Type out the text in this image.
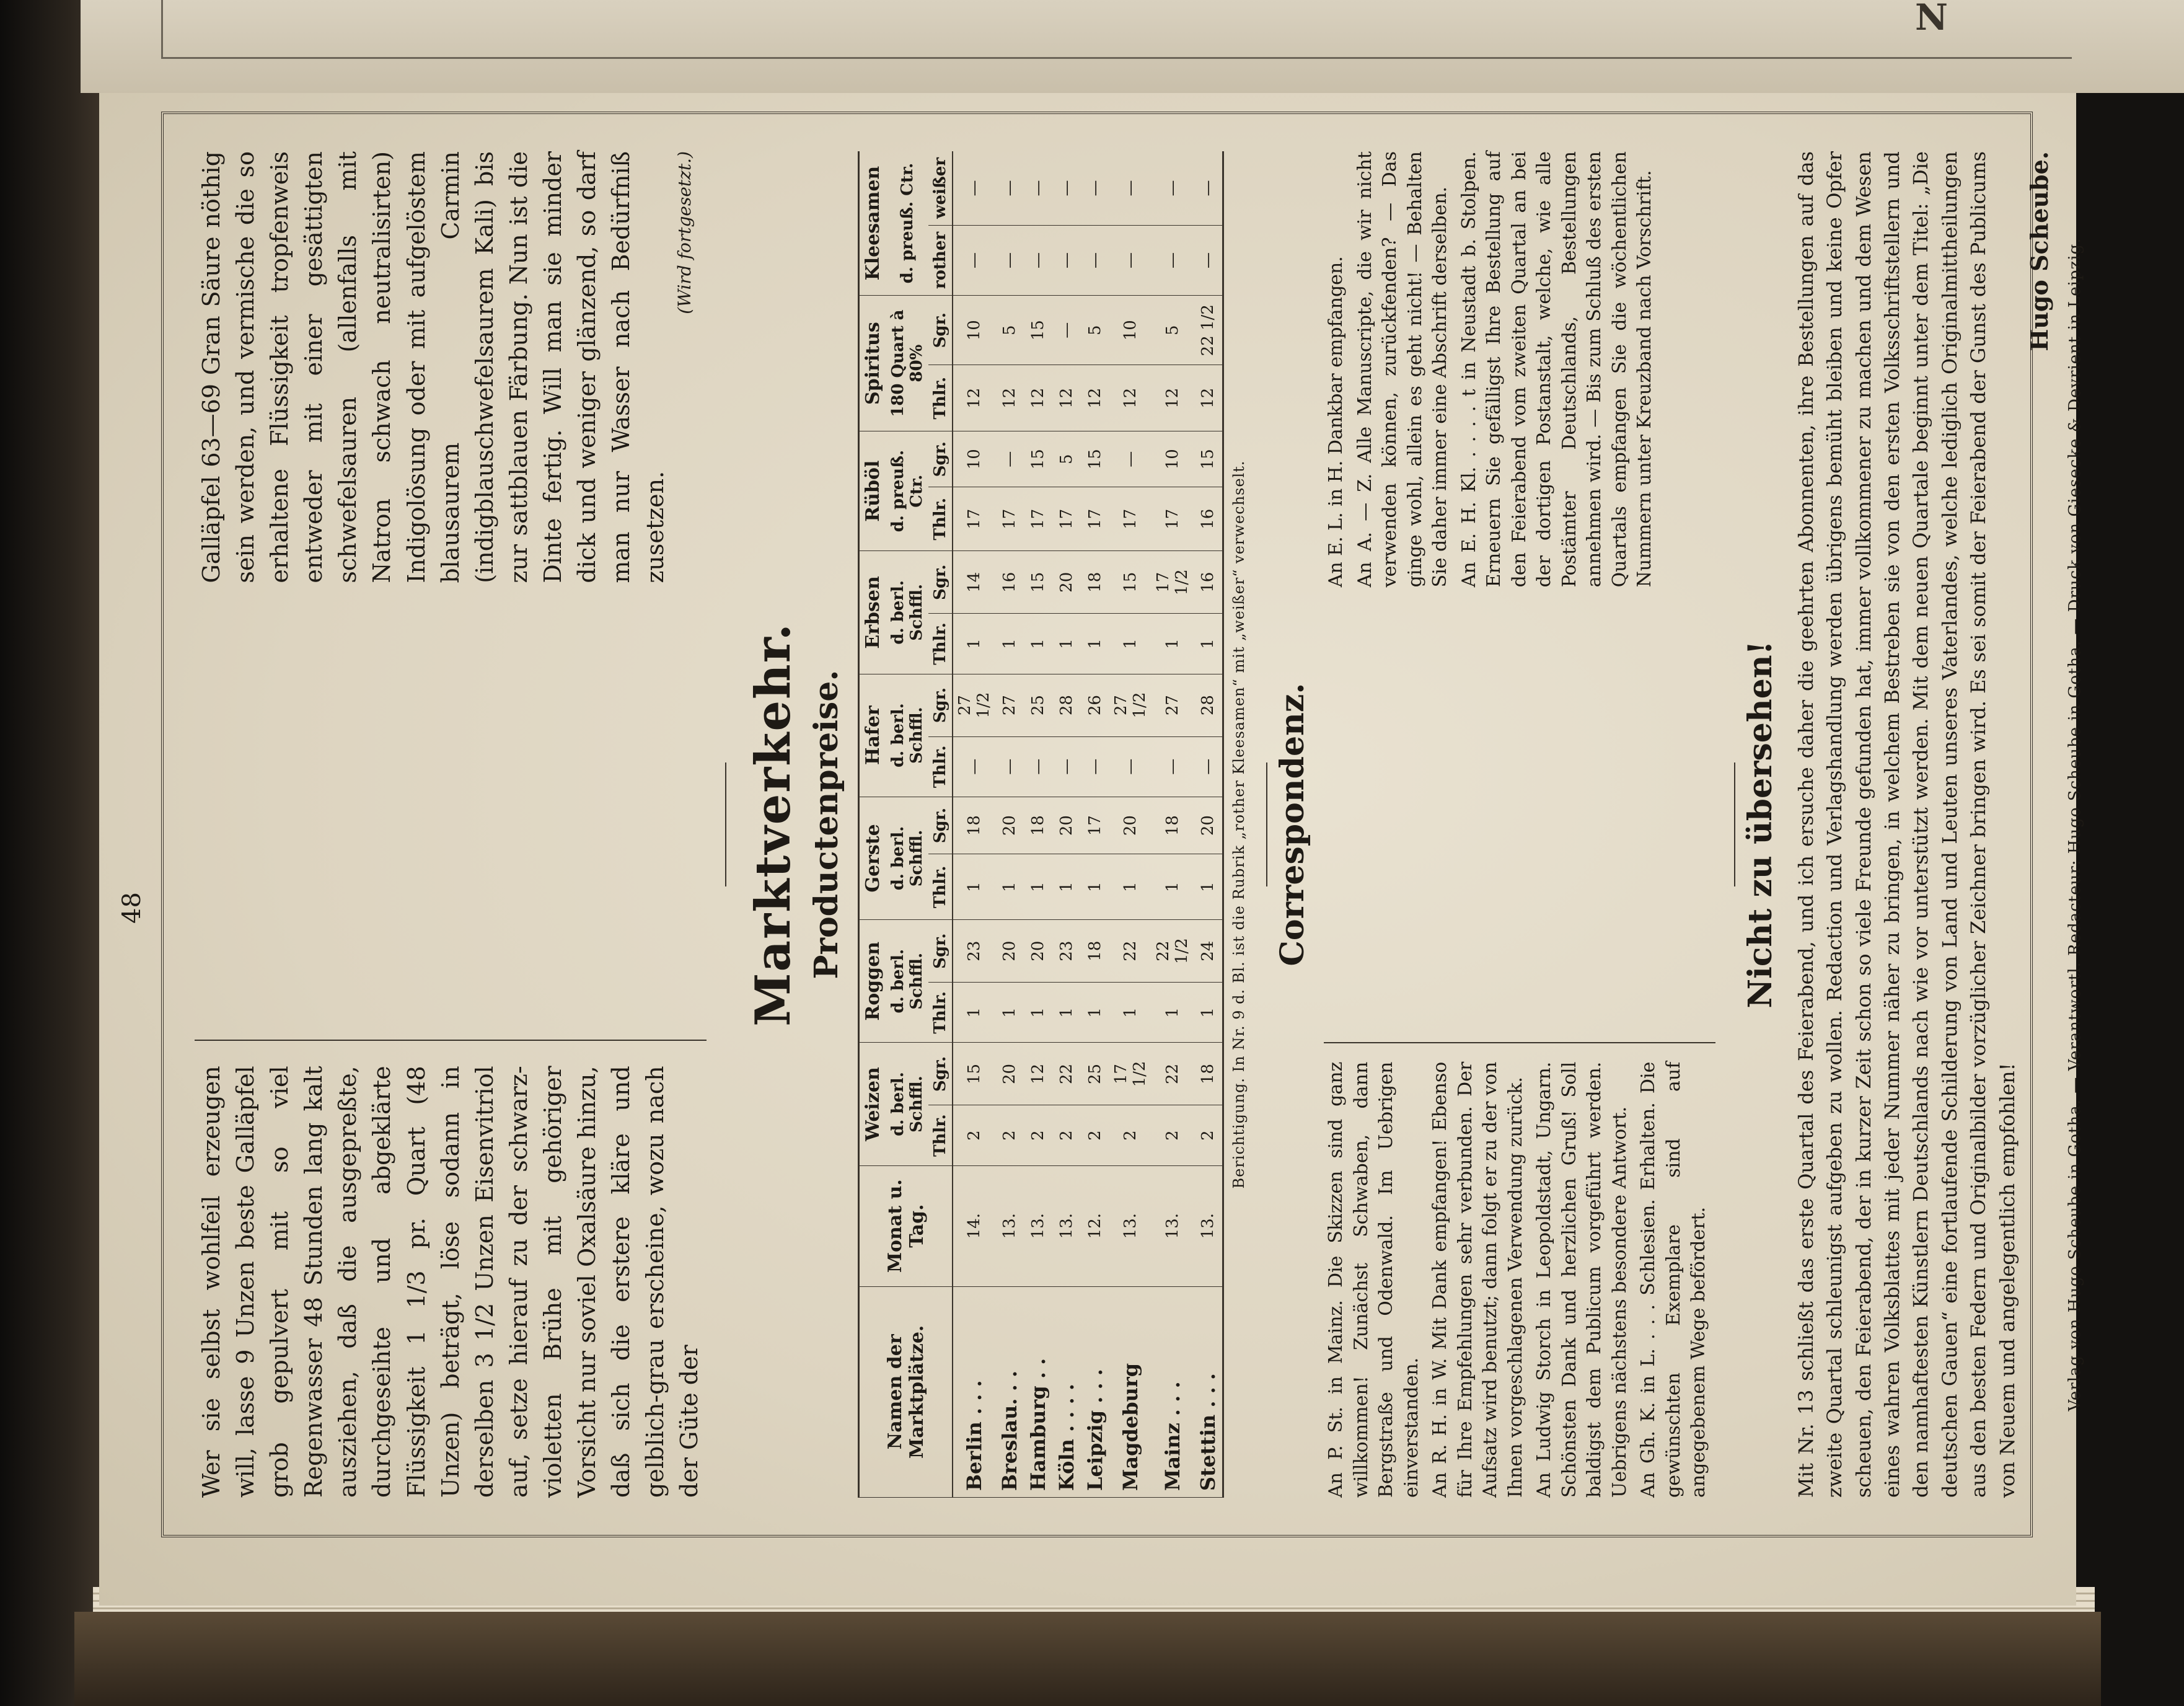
N
48
Wer sie selbst wohlfeil erzeugen will, lasse 9 Unzen beste Galläpfel grob gepulvert mit so viel Regenwasser 48 Stunden lang kalt ausziehen, daß die ausgepreßte, durchgeseihte und abgeklärte Flüssigkeit 1 1/3 pr. Quart (48 Unzen) beträgt, löse sodann in derselben 3 1/2 Unzen Eisenvitriol auf, setze hierauf zu der schwarz-violetten Brühe mit gehöriger Vorsicht nur soviel Oxalsäure hinzu, daß sich die erstere kläre und gelblich-grau erscheine, wozu nach der Güte der
Galläpfel 63—69 Gran Säure nöthig sein werden, und vermische die so erhaltene Flüssigkeit tropfenweis entweder mit einer gesättigten schwefelsauren (allenfalls mit Natron schwach neutralisirten) Indigolösung oder mit aufgelöstem blausaurem Carmin (indigblauschwefelsaurem Kali) bis zur sattblauen Färbung. Nun ist die Dinte fertig. Will man sie minder dick und weniger glänzend, so darf man nur Wasser nach Bedürfniß zusetzen.
(Wird fortgesetzt.)
Marktverkehr. Productenpreise.
Namen der Marktplätze.	Monat u. Tag.	Weizen		Roggen		Gerste		Hafer		Erbsen		Rüböl		Spiritus		Kleesamen	
		d. berl. Schffl.		d. berl. Schffl.		d. berl. Schffl.		d. berl. Schffl.		d. berl. Schffl.		d. preuß. Ctr.		180 Quart à 80%		d. preuß. Ctr.	
		Thlr.	Sgr.	Thlr.	Sgr.	Thlr.	Sgr.	Thlr.	Sgr.	Thlr.	Sgr.	Thlr.	Sgr.	Thlr.	Sgr.	rother	weißer
Berlin . . .	14.	2	15	1	23	1	18	—	27 1/2	1	14	17	10	12	10	—	—
Breslau. . .	13.	2	20	1	20	1	20	—	27	1	16	17	—	12	5	—	—
Hamburg . .	13.	2	12	1	20	1	18	—	25	1	15	17	15	12	15	—	—
Köln . . . .	13.	2	22	1	23	1	20	—	28	1	20	17	5	12	—	—	—
Leipzig . . .	12.	2	25	1	18	1	17	—	26	1	18	17	15	12	5	—	—
Magdeburg	13.	2	17 1/2	1	22	1	20	—	27 1/2	1	15	17	—	12	10	—	—
Mainz . . .	13.	2	22	1	22 1/2	1	18	—	27	1	17 1/2	17	10	12	5	—	—
Stettin . . .	13.	2	18	1	24	1	20	—	28	1	16	16	15	12	22 1/2	—	—
Berichtigung. In Nr. 9 d. Bl. ist die Rubrik „rother Kleesamen“ mit „weißer“ verwechselt. Correspondenz.

An P. St. in Mainz. Die Skizzen sind ganz willkommen! Zunächst Schwaben, dann Bergstraße und Odenwald. Im Uebrigen einverstanden. An R. H. in W. Mit Dank empfangen! Ebenso für Ihre Empfehlungen sehr verbunden. Der Aufsatz wird benutzt; dann folgt er zu der von Ihnen vorgeschlagenen Verwendung zurück. An Ludwig Storch in Leopoldstadt, Ungarn. Schönsten Dank und herzlichen Gruß! Soll baldigst dem Publicum vorgeführt werden. Uebrigens nächstens besondere Antwort. An Gh. K. in L. . . . Schlesien. Erhalten. Die gewünschten Exemplare sind auf angegebenem Wege befördert.

An E. L. in H. Dankbar empfangen. An A. — Z. Alle Manuscripte, die wir nicht verwenden können, zurückfenden? — Das ginge wohl, allein es geht nicht! — Behalten Sie daher immer eine Abschrift derselben. An E. H. Kl. . . . . t in Neustadt b. Stolpen. Erneuern Sie gefälligst Ihre Bestellung auf den Feierabend vom zweiten Quartal an bei der dortigen Postanstalt, welche, wie alle Postämter Deutschlands, Bestellungen annehmen wird. — Bis zum Schluß des ersten Quartals empfangen Sie die wöchentlichen Nummern unter Kreuzband nach Vorschrift.

Nicht zu übersehen! Mit Nr. 13 schließt das erste Quartal des Feierabend, und ich ersuche daher die geehrten Abonnenten, ihre Bestellungen auf das zweite Quartal schleunigst aufgeben zu wollen. Redaction und Verlagshandlung werden übrigens bemüht bleiben und keine Opfer scheuen, den Feierabend, der in kurzer Zeit schon so viele Freunde gefunden hat, immer vollkommener zu machen und dem Wesen eines wahren Volksblattes mit jeder Nummer näher zu bringen, in welchem Bestreben sie von den ersten Volksschriftstellern und den namhaftesten Künstlern Deutschlands nach wie vor unterstützt werden. Mit dem neuen Quartale beginnt unter dem Titel: „Die deutschen Gauen“ eine fortlaufende Schilderung von Land und Leuten unseres Vaterlandes, welche lediglich Originalmittheilungen aus den besten Federn und Originalbilder vorzüglicher Zeichner bringen wird. Es sei somit der Feierabend der Gunst des Publicums von Neuem und angelegentlich empfohlen!
Hugo Scheube. Verlag von Hugo Scheube in Gotha. — Verantwortl. Redacteur: Hugo Scheube in Gotha. — Druck von Giesecke & Devrient in Leipzig.
